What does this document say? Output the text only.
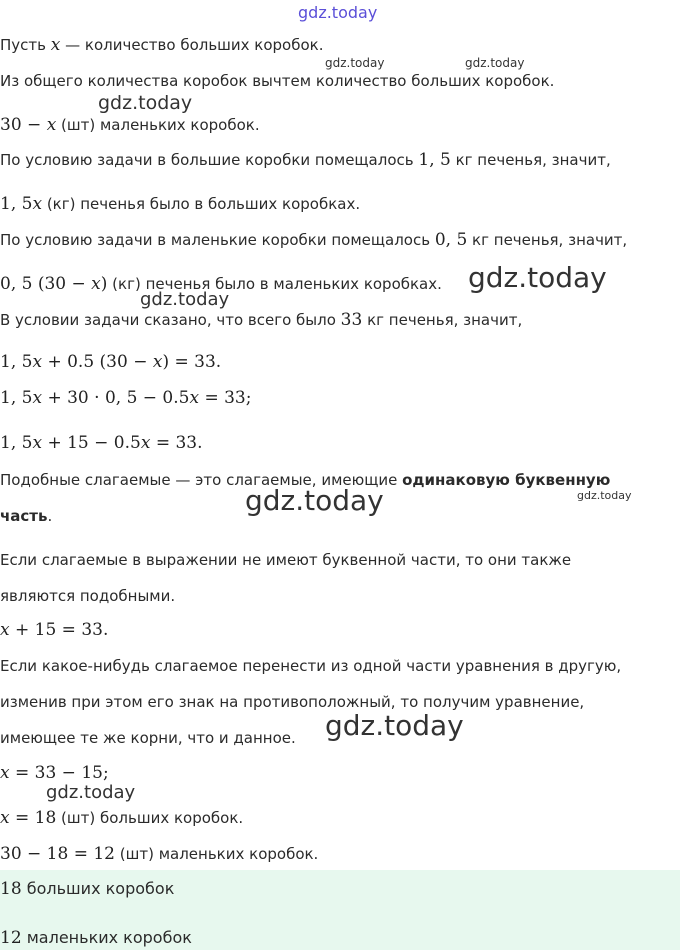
gdz.today
gdz.today	gdz.today
gdz.today
gdz.today
gdz.today
gdz.today	gdz.today
gdz.today
gdz.today
Пусть x — количество больших коробок.
Из общего количества коробок вычтем количество больших коробок.
30 − x (шт) маленьких коробок.
По условию задачи в большие коробки помещалось 1, 5 кг печенья, значит,
1, 5x (кг) печенья было в больших коробках.
По условию задачи в маленькие коробки помещалось 0, 5 кг печенья, значит,
0, 5 (30 − x) (кг) печенья было в маленьких коробках.
В условии задачи сказано, что всего было 33 кг печенья, значит,
1, 5x + 0.5 (30 − x) = 33.
1, 5x + 30 · 0, 5 − 0.5x = 33;
1, 5x + 15 − 0.5x = 33.
Подобные слагаемые — это слагаемые, имеющие одинаковую буквенную
часть.
Если слагаемые в выражении не имеют буквенной части, то они также
являются подобными.
x + 15 = 33.
Если какое-нибудь слагаемое перенести из одной части уравнения в другую,
изменив при этом его знак на противоположный, то получим уравнение,
имеющее те же корни, что и данное.
x = 33 − 15;
x = 18 (шт) больших коробок.
30 − 18 = 12 (шт) маленьких коробок.
18 больших коробок
12 маленьких коробок
